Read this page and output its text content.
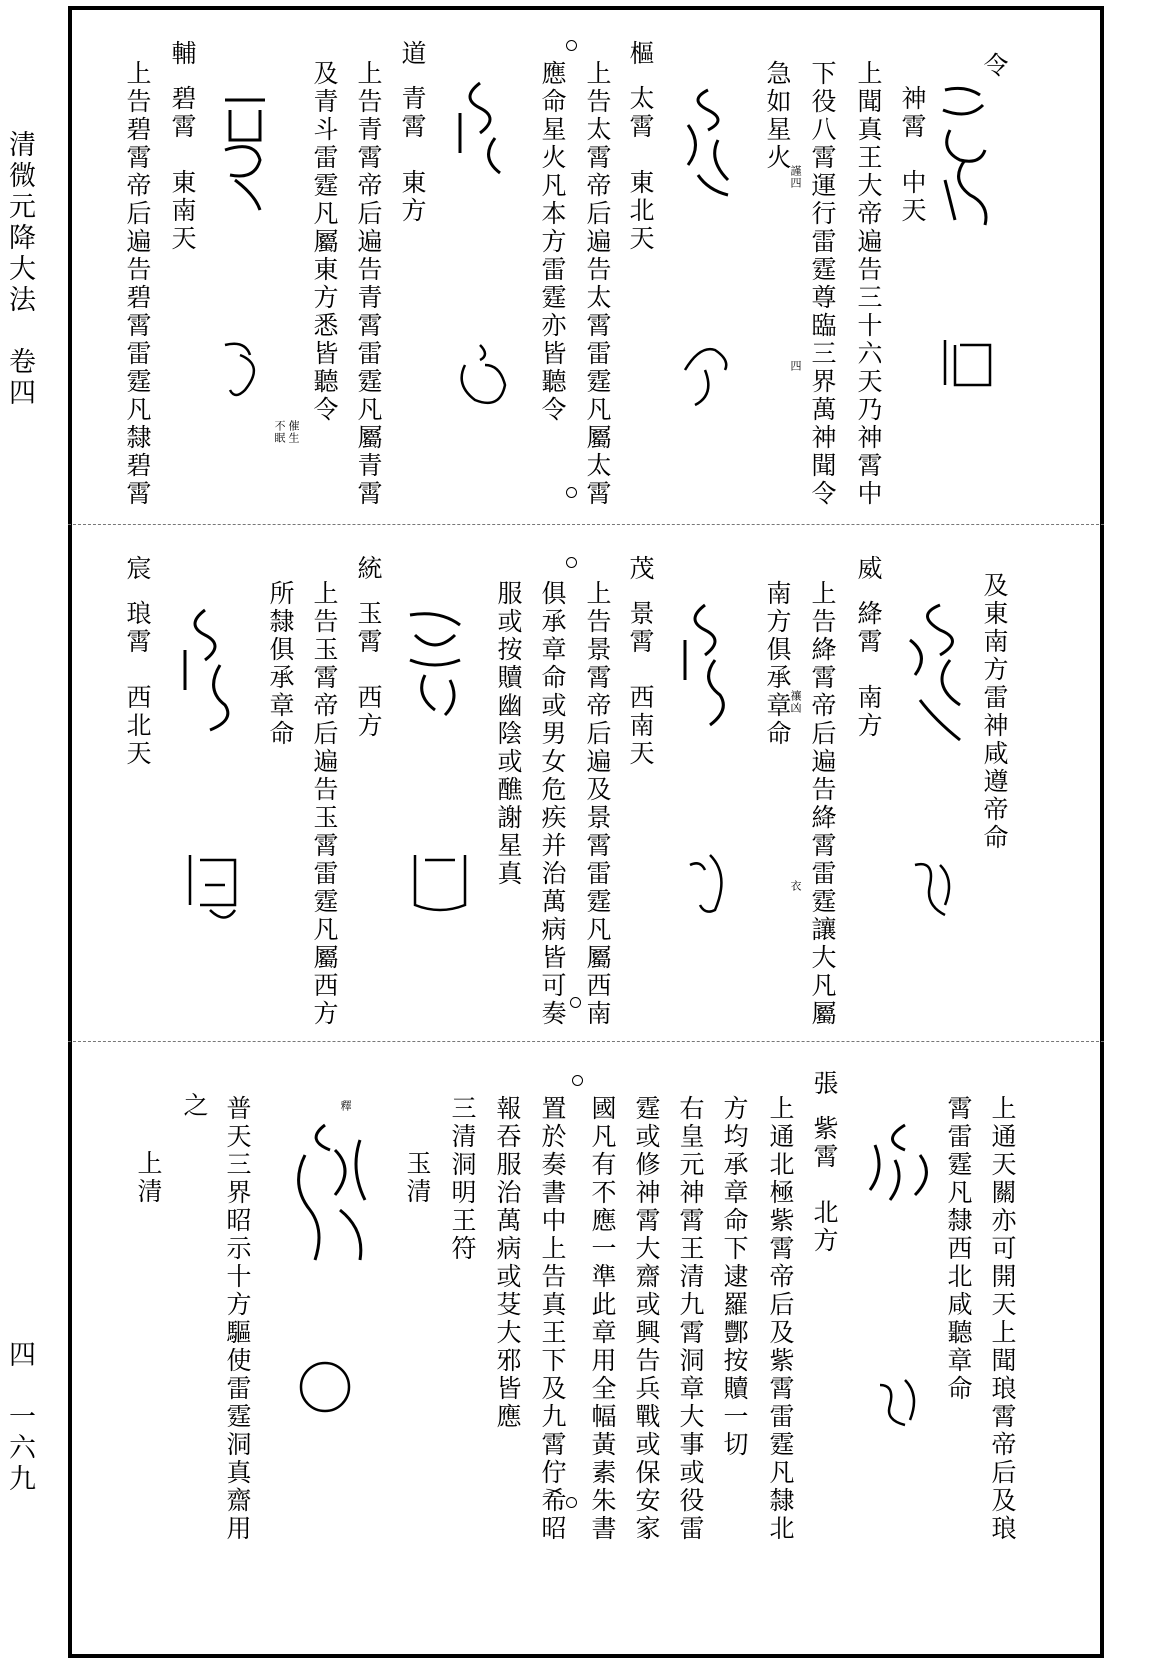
清微元降大法　卷四
四　一六九
令
神霄　中天
上聞真王大帝遍告三十六天乃神霄中
下役八霄運行雷霆尊臨三界萬神聞令
急如星火
謹四
四
樞
太霄　東北天
上告太霄帝后遍告太霄雷霆凡屬太霄
應命星火凡本方雷霆亦皆聽令
道
青霄　東方
上告青霄帝后遍告青霄雷霆凡屬青霄
及青斗雷霆凡屬東方悉皆聽令
催生
不眠
輔
碧霄　東南天
上告碧霄帝后遍告碧霄雷霆凡隸碧霄
及東南方雷神咸遵帝命
威
絳霄　南方
上告絳霄帝后遍告絳霄雷霆讓大凡屬
南方俱承章命
禳凶
衣
茂
景霄　西南天
上告景霄帝后遍及景霄雷霆凡屬西南
俱承章命或男女危疾并治萬病皆可奏
服或按贖幽陰或醮謝星真
統
玉霄　西方
上告玉霄帝后遍告玉霄雷霆凡屬西方
所隸俱承章命
宸
琅霄　西北天
上通天關亦可開天上聞琅霄帝后及琅
霄雷霆凡隸西北咸聽章命
張
紫霄　北方
上通北極紫霄帝后及紫霄雷霆凡隸北
方均承章命下逮羅酆按贖一切
右皇元神霄王清九霄洞章大事或役雷
霆或修神霄大齋或興告兵戰或保安家
國凡有不應一準此章用全幅黃素朱書
置於奏書中上告真王下及九霄佇希昭
報吞服治萬病或芟大邪皆應
三清洞明王符
玉清
釋
普天三界昭示十方驅使雷霆洞真齋用
之
上清
